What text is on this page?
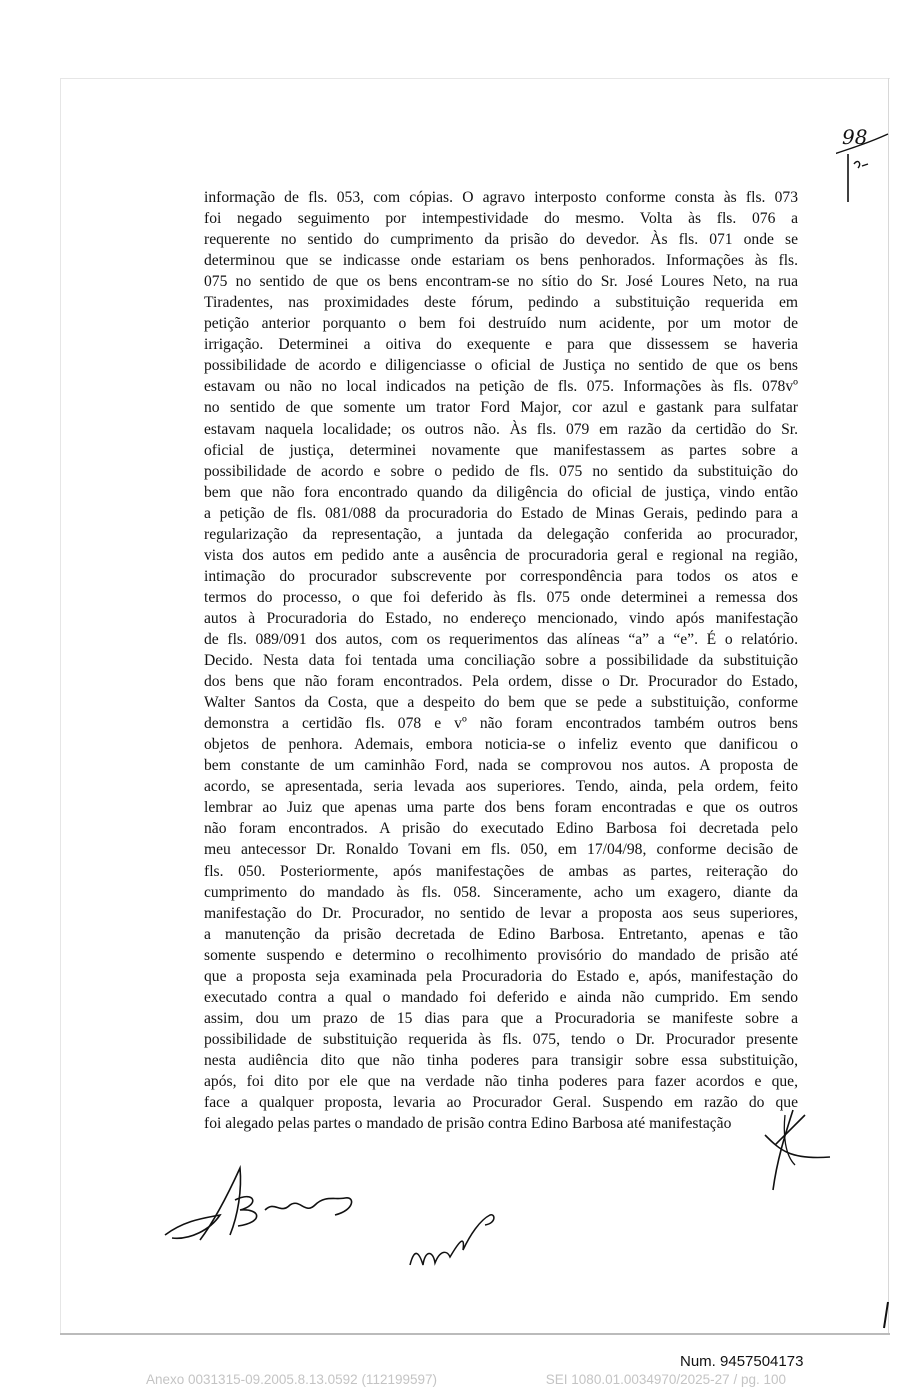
98

informação de fls. 053, com cópias. O agravo interposto conforme consta às fls. 073
foi negado seguimento por intempestividade do mesmo. Volta às fls. 076 a
requerente no sentido do cumprimento da prisão do devedor. Às fls. 071 onde se
determinou que se indicasse onde estariam os bens penhorados. Informações às fls.
075 no sentido de que os bens encontram-se no sítio do Sr. José Loures Neto, na rua
Tiradentes, nas proximidades deste fórum, pedindo a substituição requerida em
petição anterior porquanto o bem foi destruído num acidente, por um motor de
irrigação. Determinei a oitiva do exequente e para que dissessem se haveria
possibilidade de acordo e diligenciasse o oficial de Justiça no sentido de que os bens
estavam ou não no local indicados na petição de fls. 075. Informações às fls. 078vº
no sentido de que somente um trator Ford Major, cor azul e gastank para sulfatar
estavam naquela localidade; os outros não. Às fls. 079 em razão da certidão do Sr.
oficial de justiça, determinei novamente que manifestassem as partes sobre a
possibilidade de acordo e sobre o pedido de fls. 075 no sentido da substituição do
bem que não fora encontrado quando da diligência do oficial de justiça, vindo então
a petição de fls. 081/088 da procuradoria do Estado de Minas Gerais, pedindo para a
regularização da representação, a juntada da delegação conferida ao procurador,
vista dos autos em pedido ante a ausência de procuradoria geral e regional na região,
intimação do procurador subscrevente por correspondência para todos os atos e
termos do processo, o que foi deferido às fls. 075 onde determinei a remessa dos
autos à Procuradoria do Estado, no endereço mencionado, vindo após manifestação
de fls. 089/091 dos autos, com os requerimentos das alíneas “a” a “e”. É o relatório.
Decido. Nesta data foi tentada uma conciliação sobre a possibilidade da substituição
dos bens que não foram encontrados. Pela ordem, disse o Dr. Procurador do Estado,
Walter Santos da Costa, que a despeito do bem que se pede a substituição, conforme
demonstra a certidão fls. 078 e vº não foram encontrados também outros bens
objetos de penhora. Ademais, embora noticia-se o infeliz evento que danificou o
bem constante de um caminhão Ford, nada se comprovou nos autos. A proposta de
acordo, se apresentada, seria levada aos superiores. Tendo, ainda, pela ordem, feito
lembrar ao Juiz que apenas uma parte dos bens foram encontradas e que os outros
não foram encontrados. A prisão do executado Edino Barbosa foi decretada pelo
meu antecessor Dr. Ronaldo Tovani em fls. 050, em 17/04/98, conforme decisão de
fls. 050. Posteriormente, após manifestações de ambas as partes, reiteração do
cumprimento do mandado às fls. 058. Sinceramente, acho um exagero, diante da
manifestação do Dr. Procurador, no sentido de levar a proposta aos seus superiores,
a manutenção da prisão decretada de Edino Barbosa. Entretanto, apenas e tão
somente suspendo e determino o recolhimento provisório do mandado de prisão até
que a proposta seja examinada pela Procuradoria do Estado e, após, manifestação do
executado contra a qual o mandado foi deferido e ainda não cumprido. Em sendo
assim, dou um prazo de 15 dias para que a Procuradoria se manifeste sobre a
possibilidade de substituição requerida às fls. 075, tendo o Dr. Procurador presente
nesta audiência dito que não tinha poderes para transigir sobre essa substituição,
após, foi dito por ele que na verdade não tinha poderes para fazer acordos e que,
face a qualquer proposta, levaria ao Procurador Geral. Suspendo em razão do que
foi alegado pelas partes o mandado de prisão contra Edino Barbosa até manifestação

Num. 9457504173
Anexo 0031315-09.2005.8.13.0592 (112199597)	SEI 1080.01.0034970/2025-27 / pg. 100
